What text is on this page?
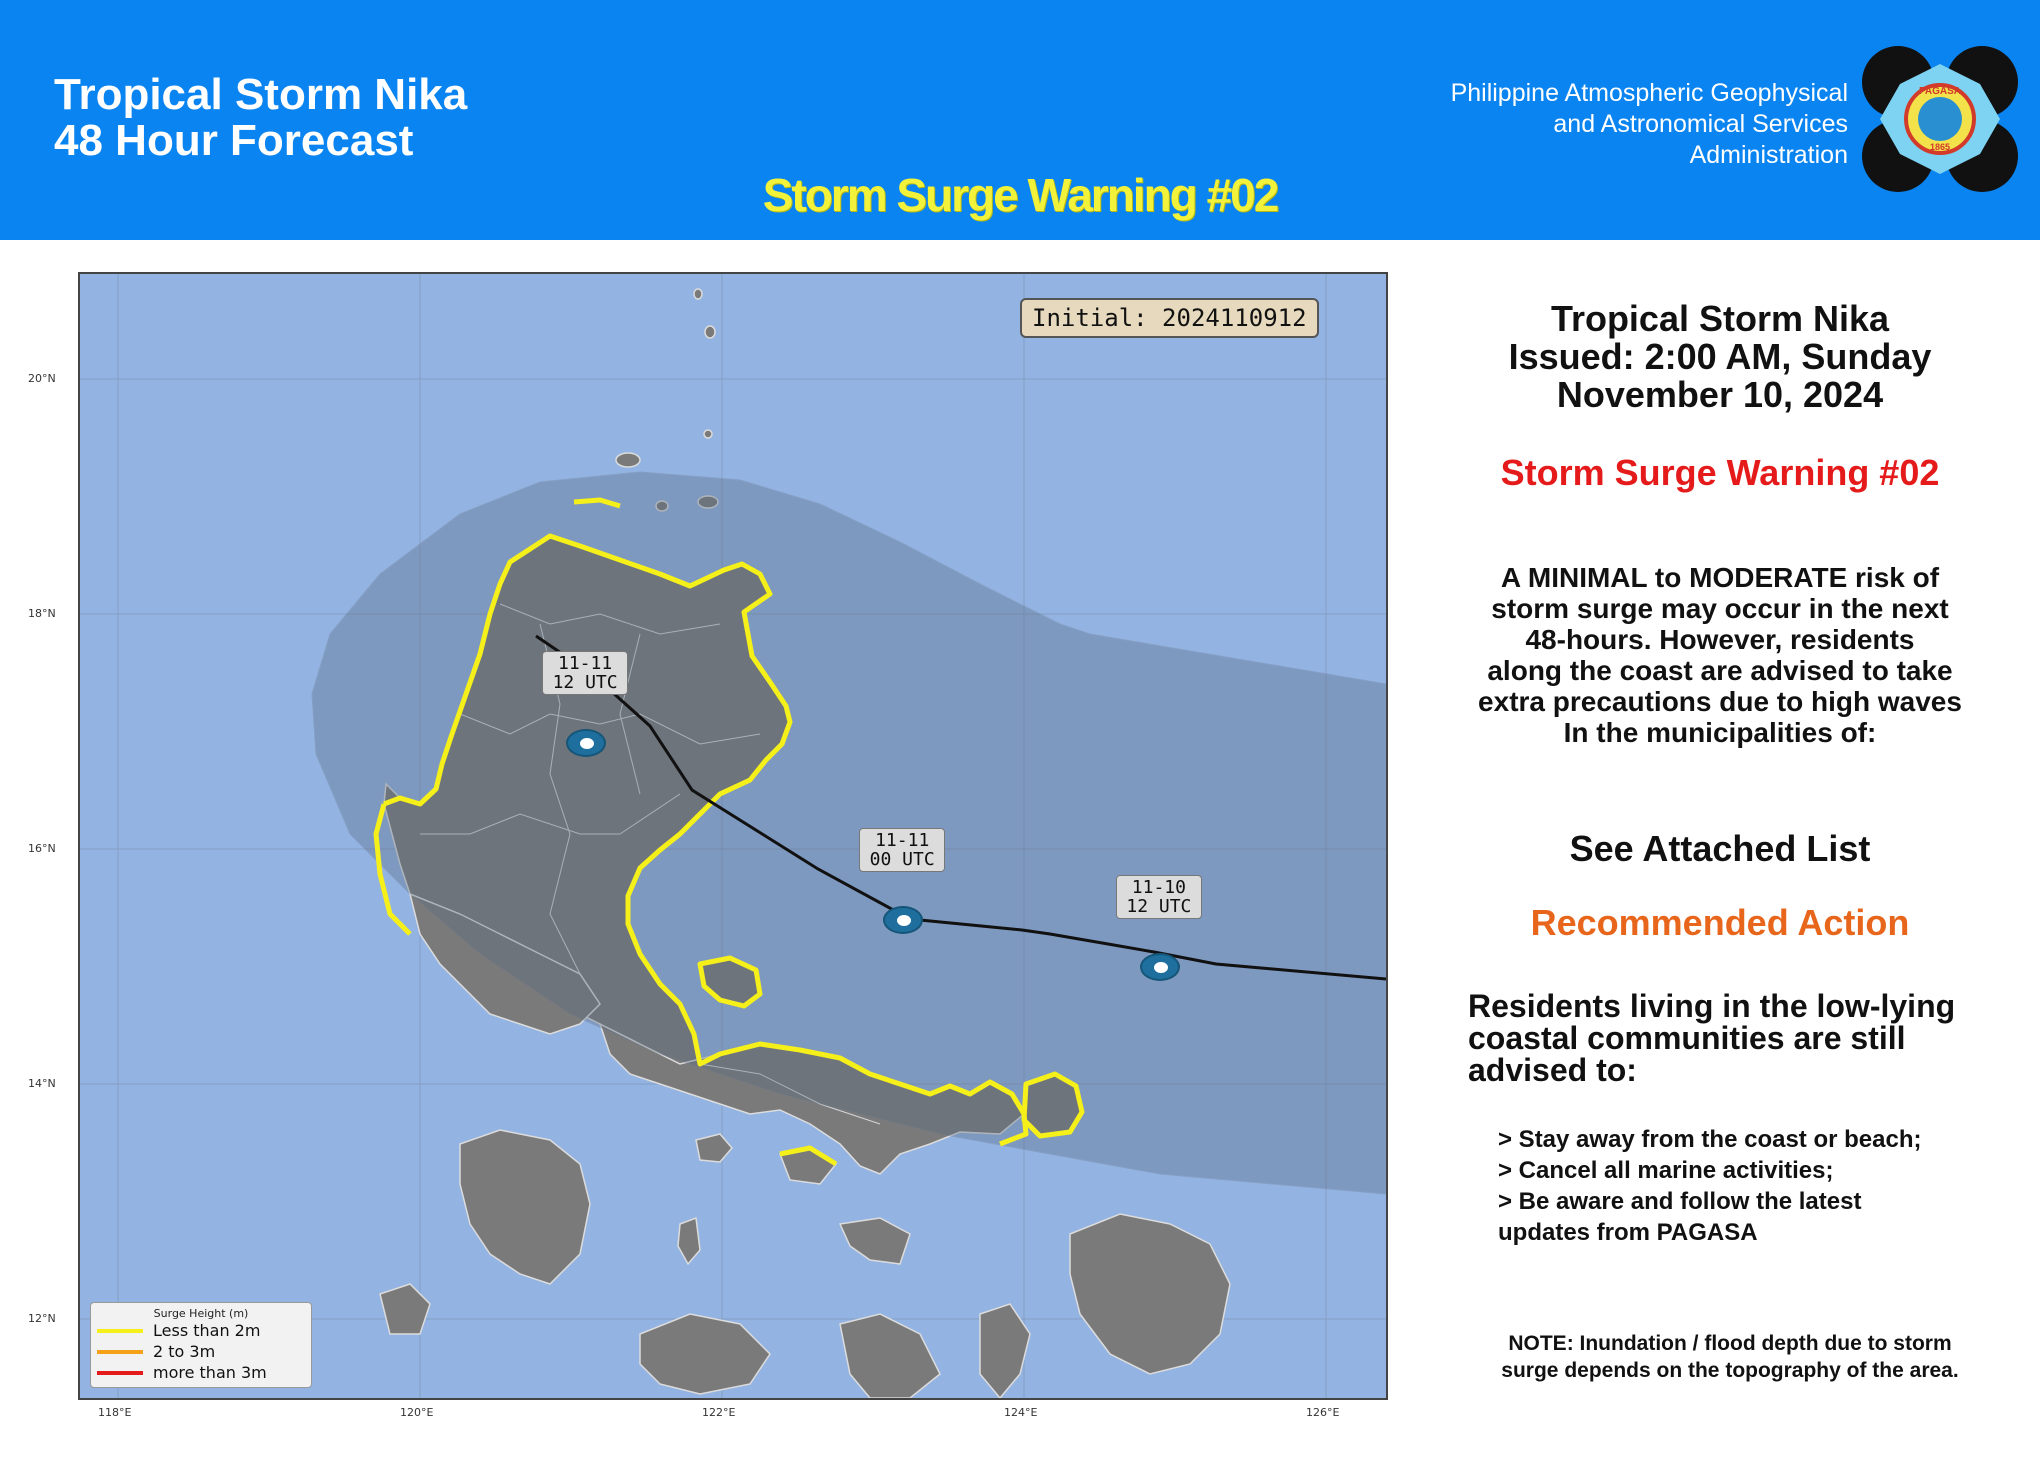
Tropical Storm Nika
48 Hour Forecast
Storm Surge Warning #02
Philippine Atmospheric Geophysical
and Astronomical Services
Administration
PAGASA
1865
Initial: 2024110912
11-10
12 UTC
11-11
00 UTC
11-11
12 UTC
20°N
18°N
16°N
14°N
12°N
118°E	120°E	122°E	124°E	126°E
Surge Height (m)
Less than 2m
2 to 3m
more than 3m
Tropical Storm Nika
Issued: 2:00 AM, Sunday
November 10, 2024
Storm Surge Warning #02
A MINIMAL to MODERATE risk of
storm surge may occur in the next
48-hours. However, residents
along the coast are advised to take
extra precautions due to high waves
In the municipalities of:
See Attached List
Recommended Action
Residents living in the low-lying
coastal communities are still
advised to:
> Stay away from the coast or beach;
> Cancel all marine activities;
> Be aware and follow the latest
updates from PAGASA
NOTE: Inundation / flood depth due to storm
surge depends on the topography of the area.
